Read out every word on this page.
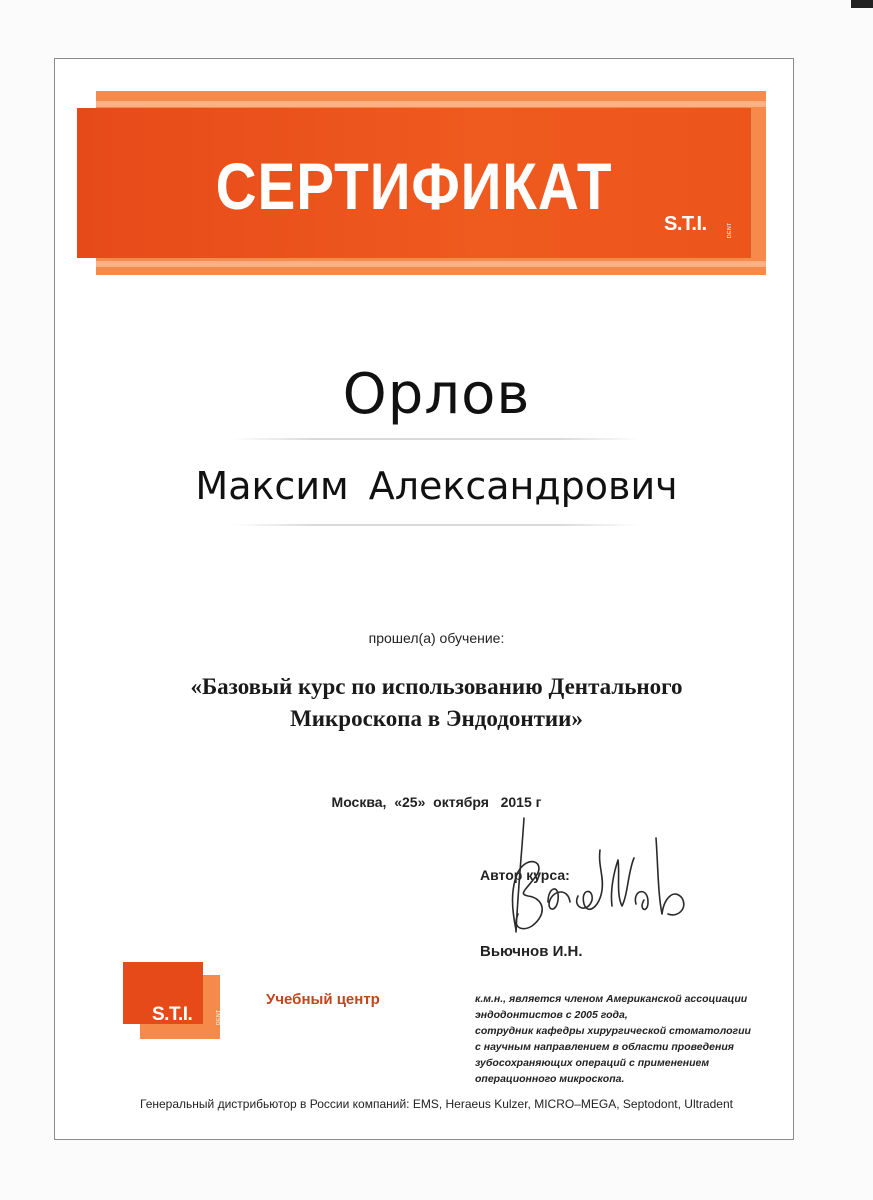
СЕРТИФИКАТ
S.T.I.	DENT
Орлов
Максим Александрович
прошел(а) обучение:
«Базовый курс по использованию Дентального
Микроскопа в Эндодонтии»
Москва,  «25»  октября   2015 г
Автор курса:
Вьючнов И.Н.
S.T.I.	DENT
Учебный центр	к.м.н., является членом Американской ассоциации
эндодонтистов с 2005 года,
сотрудник кафедры хирургической стоматологии
с научным направлением в области проведения
зубосохраняющих операций с применением
операционного микроскопа.
Генеральный дистрибьютор в России компаний: EMS, Heraeus Kulzer, MICRO–MEGA, Septodont, Ultradent
